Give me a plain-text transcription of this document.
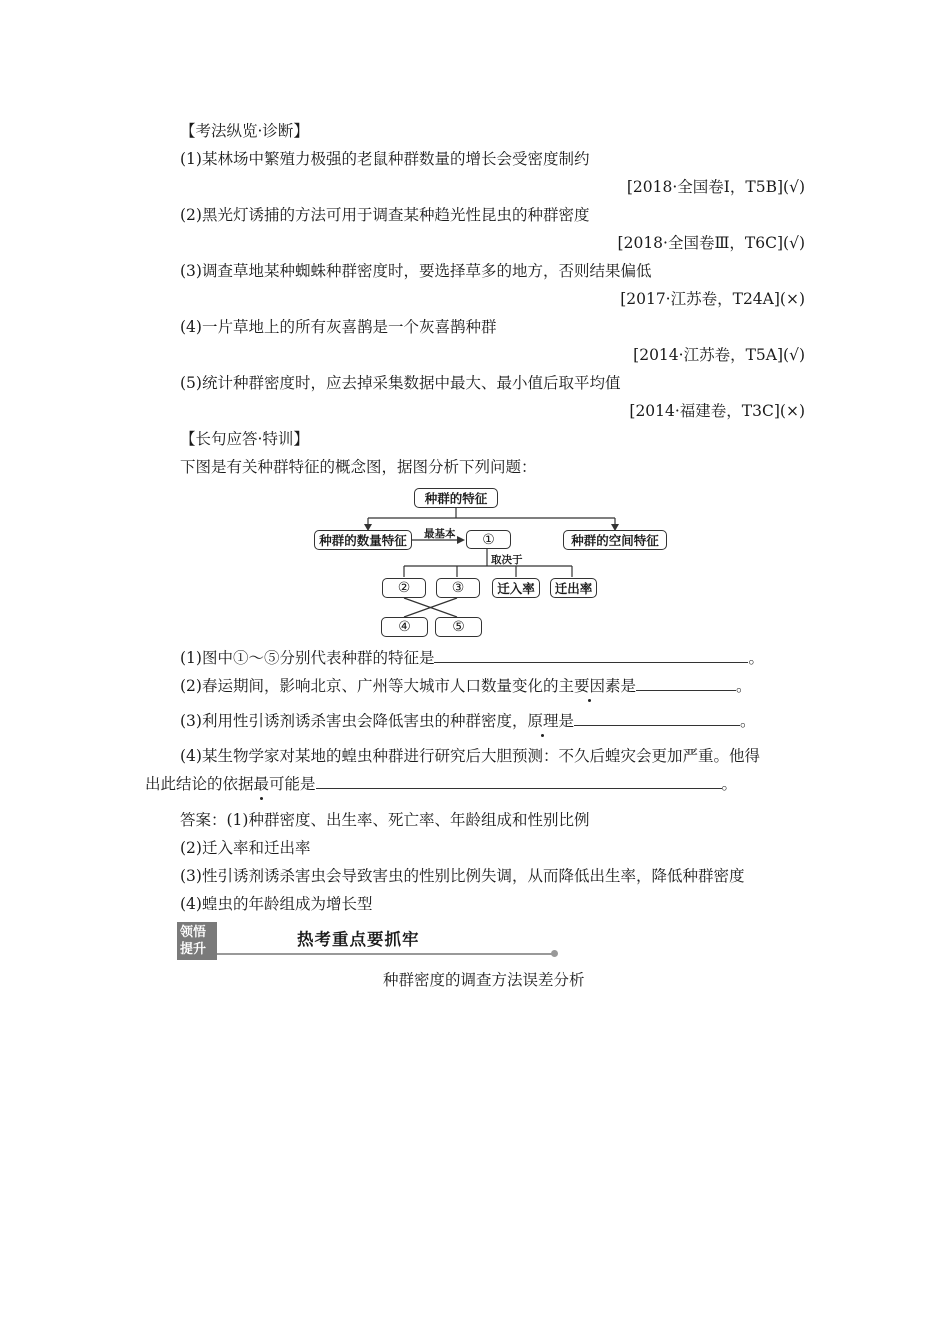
【考法纵览·诊断】
(1)某林场中繁殖力极强的老鼠种群数量的增长会受密度制约
[2018·全国卷Ⅰ，T5B](√)
(2)黑光灯诱捕的方法可用于调查某种趋光性昆虫的种群密度
[2018·全国卷Ⅲ，T6C](√)
(3)调查草地某种蜘蛛种群密度时，要选择草多的地方，否则结果偏低
[2017·江苏卷，T24A](×)
(4)一片草地上的所有灰喜鹊是一个灰喜鹊种群
[2014·江苏卷，T5A](√)
(5)统计种群密度时，应去掉采集数据中最大、最小值后取平均值
[2014·福建卷，T3C](×)
【长句应答·特训】
下图是有关种群特征的概念图，据图分析下列问题：
种群的特征
种群的数量特征	种群的空间特征
①
最基本
取决于
②	③	迁入率	迁出率
④	⑤
(1)图中①～⑤分别代表种群的特征是	。
(2)春运期间，影响北京、广州等大城市人口数量变化的主要因素是	。
(3)利用性引诱剂诱杀害虫会降低害虫的种群密度，原理是	。
(4)某生物学家对某地的蝗虫种群进行研究后大胆预测：不久后蝗灾会更加严重。他得
出此结论的依据最可能是	。
答案：(1)种群密度、出生率、死亡率、年龄组成和性别比例
(2)迁入率和迁出率
(3)性引诱剂诱杀害虫会导致害虫的性别比例失调，从而降低出生率，降低种群密度
(4)蝗虫的年龄组成为增长型
领悟
提升
热考重点要抓牢
种群密度的调查方法误差分析
